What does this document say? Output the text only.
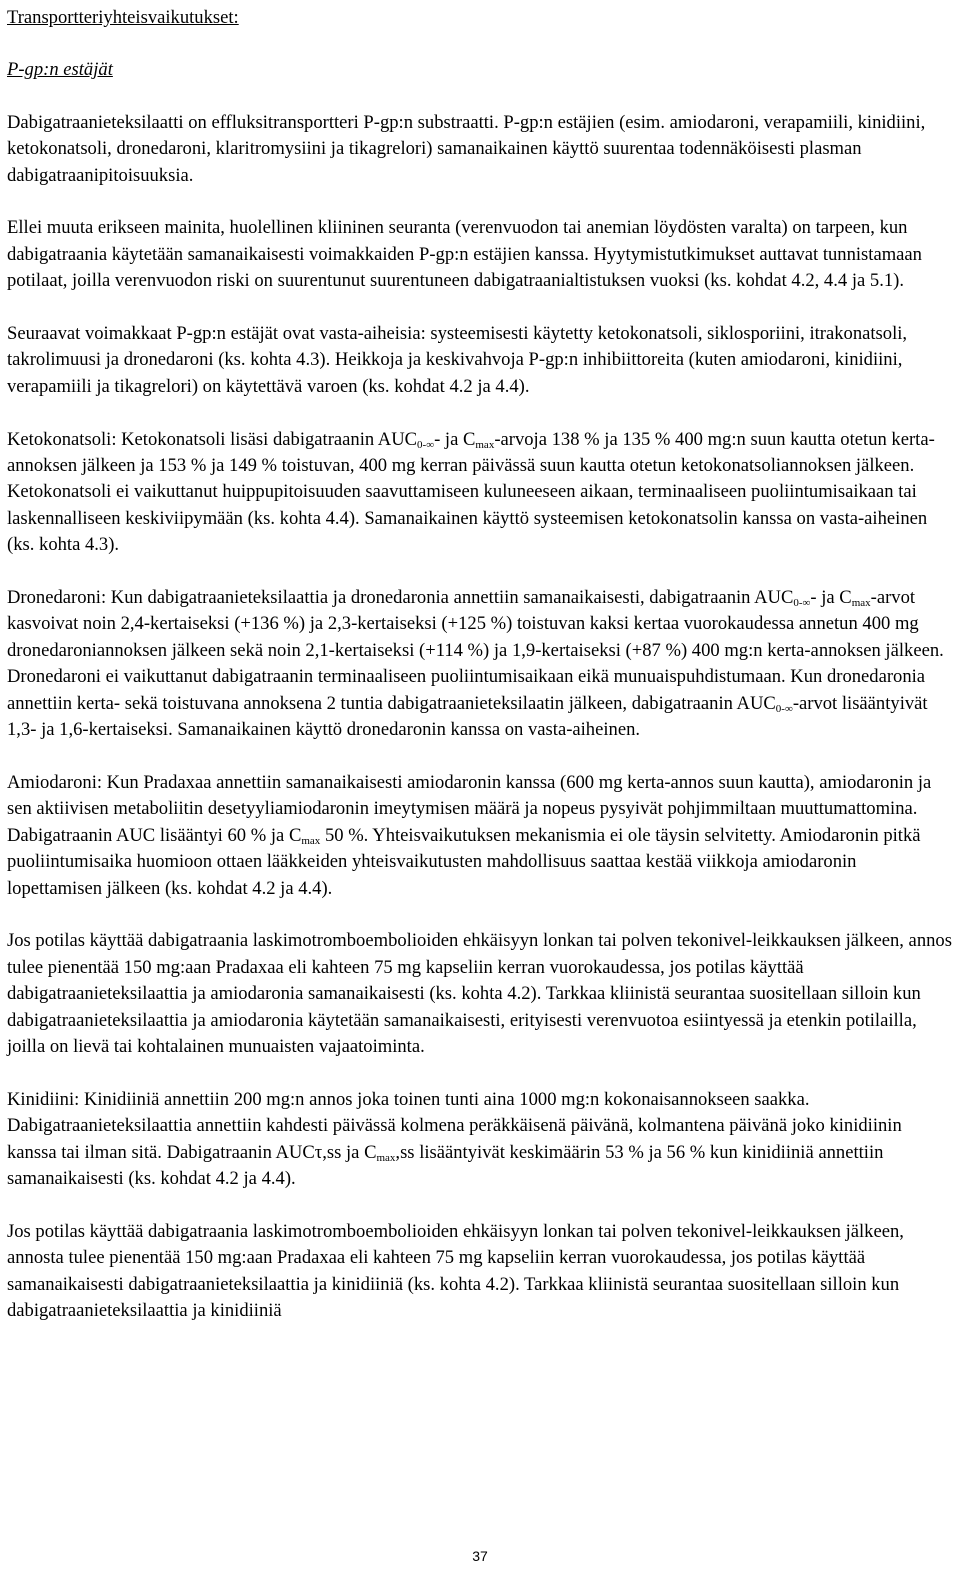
Transportteriyhteisvaikutukset:

P-gp:n estäjät

Dabigatraanieteksilaatti on effluksitransportteri P-gp:n substraatti. P-gp:n estäjien (esim. amiodaroni, verapamiili, kinidiini, ketokonatsoli, dronedaroni, klaritromysiini ja tikagrelori) samanaikainen käyttö suurentaa todennäköisesti plasman dabigatraanipitoisuuksia.

Ellei muuta erikseen mainita, huolellinen kliininen seuranta (verenvuodon tai anemian löydösten varalta) on tarpeen, kun dabigatraania käytetään samanaikaisesti voimakkaiden P-gp:n estäjien kanssa. Hyytymistutkimukset auttavat tunnistamaan potilaat, joilla verenvuodon riski on suurentunut suurentuneen dabigatraanialtistuksen vuoksi (ks. kohdat 4.2, 4.4 ja 5.1).

Seuraavat voimakkaat P-gp:n estäjät ovat vasta-aiheisia: systeemisesti käytetty ketokonatsoli, siklosporiini, itrakonatsoli, takrolimuusi ja dronedaroni (ks. kohta 4.3). Heikkoja ja keskivahvoja P-gp:n inhibiittoreita (kuten amiodaroni, kinidiini, verapamiili ja tikagrelori) on käytettävä varoen (ks. kohdat 4.2 ja 4.4).

Ketokonatsoli: Ketokonatsoli lisäsi dabigatraanin $AUC_{0-\infty}-$ ja $C_{max}$-arvoja 138 % ja 135 % 400 mg:n suun kautta otetun kerta-annoksen jälkeen ja 153 % ja 149 % toistuvan, 400 mg kerran päivässä suun kautta otetun ketokonatsoliannoksen jälkeen. Ketokonatsoli ei vaikuttanut huippupitoisuuden saavuttamiseen kuluneeseen aikaan, terminaaliseen puoliintumisaikaan tai laskennalliseen keskiviipymään (ks. kohta 4.4). Samanaikainen käyttö systeemisen ketokonatsolin kanssa on vasta-aiheinen (ks. kohta 4.3).

Dronedaroni: Kun dabigatraanieteksilaattia ja dronedaronia annettiin samanaikaisesti, dabigatraanin $AUC_{0-\infty}-$ ja $C_{max}$-arvot kasvoivat noin 2,4-kertaiseksi (+136 %) ja 2,3-kertaiseksi (+125 %) toistuvan kaksi kertaa vuorokaudessa annetun 400 mg dronedaroniannoksen jälkeen sekä noin 2,1-kertaiseksi (+114 %) ja 1,9-kertaiseksi (+87 %) 400 mg:n kerta-annoksen jälkeen. Dronedaroni ei vaikuttanut dabigatraanin terminaaliseen puoliintumisaikaan eikä munuaispuhdistumaan. Kun dronedaronia annettiin kerta- sekä toistuvana annoksena 2 tuntia dabigatraanieteksilaatin jälkeen, dabigatraanin $AUC_{0-\infty}$-arvot lisääntyivät 1,3- ja 1,6-kertaiseksi. Samanaikainen käyttö dronedaronin kanssa on vasta-aiheinen.

Amiodaroni: Kun Pradaxaa annettiin samanaikaisesti amiodaronin kanssa (600 mg kerta-annos suun kautta), amiodaronin ja sen aktiivisen metaboliitin desetyyliamiodaronin imeytymisen määrä ja nopeus pysyivät pohjimmiltaan muuttumattomina. Dabigatraanin AUC lisääntyi 60 % ja $C_{max}$ 50 %. Yhteisvaikutuksen mekanismia ei ole täysin selvitetty. Amiodaronin pitkä puoliintumisaika huomioon ottaen lääkkeiden yhteisvaikutusten mahdollisuus saattaa kestää viikkoja amiodaronin lopettamisen jälkeen (ks. kohdat 4.2 ja 4.4).

Jos potilas käyttää dabigatraania laskimotromboembolioiden ehkäisyyn lonkan tai polven tekonivel-leikkauksen jälkeen, annos tulee pienentää 150 mg:aan Pradaxaa eli kahteen 75 mg kapseliin kerran vuorokaudessa, jos potilas käyttää dabigatraanieteksilaattia ja amiodaronia samanaikaisesti (ks. kohta 4.2). Tarkkaa kliinistä seurantaa suositellaan silloin kun dabigatraanieteksilaattia ja amiodaronia käytetään samanaikaisesti, erityisesti verenvuotoa esiintyessä ja etenkin potilailla, joilla on lievä tai kohtalainen munuaisten vajaatoiminta.

Kinidiini: Kinidiiniä annettiin 200 mg:n annos joka toinen tunti aina 1000 mg:n kokonaisannokseen saakka. Dabigatraanieteksilaattia annettiin kahdesti päivässä kolmena peräkkäisenä päivänä, kolmantena päivänä joko kinidiinin kanssa tai ilman sitä. Dabigatraanin AUCτ,ss ja $C_{max},ss$ lisääntyivät keskimäärin 53 % ja 56 % kun kinidiiniä annettiin samanaikaisesti (ks. kohdat 4.2 ja 4.4).

Jos potilas käyttää dabigatraania laskimotromboembolioiden ehkäisyyn lonkan tai polven tekonivel-leikkauksen jälkeen, annosta tulee pienentää 150 mg:aan Pradaxaa eli kahteen 75 mg kapseliin kerran vuorokaudessa, jos potilas käyttää samanaikaisesti dabigatraanieteksilaattia ja kinidiiniä (ks. kohta 4.2). Tarkkaa kliinistä seurantaa suositellaan silloin kun dabigatraanieteksilaattia ja kinidiiniä

37
